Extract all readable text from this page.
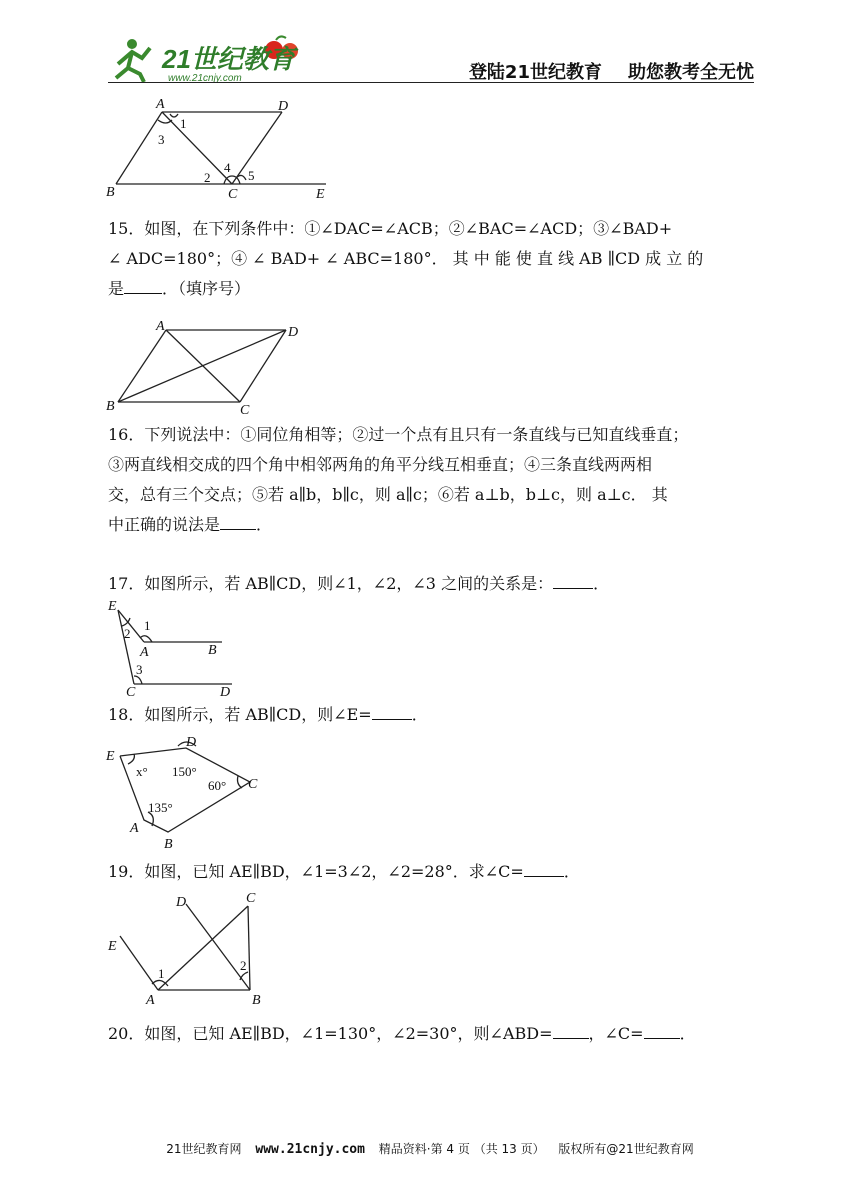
21世纪教育
www.21cnjy.com	登陆21世纪教育 助您教考全无忧
A	D
B	C	E
1
3
2
4
5

15．如图，在下列条件中：①∠DAC=∠ACB；②∠BAC=∠ACD；③∠BAD+

∠ ADC=180°；④ ∠ BAD+ ∠ ABC=180°． 其 中 能 使 直 线 AB ∥CD 成 立 的

是 ．（填序号）

A	D
B	C

16．下列说法中：①同位角相等；②过一个点有且只有一条直线与已知直线垂直；

③两直线相交成的四个角中相邻两角的角平分线互相垂直；④三条直线两两相

交，总有三个交点；⑤若 a∥b，b∥c，则 a∥c；⑥若 a⊥b，b⊥c，则 a⊥c． 其

中正确的说法是 ．

17．如图所示，若 AB∥CD，则∠1，∠2，∠3 之间的关系是：	．

E
A	B
C	D
1
2
3

18．如图所示，若 AB∥CD，则∠E=	．

E
D
C
A
B
x° 150°
60°
135°

19．如图，已知 AE∥BD，∠1=3∠2，∠2=28°．求∠C=	．

D	C
E
A	B
1
2

20．如图，已知 AE∥BD，∠1=130°，∠2=30°，则∠ABD= ，∠C= ．

21世纪教育网 www.21cnjy.com 精品资料·第 4 页 （共 13 页） 版权所有@21世纪教育网
